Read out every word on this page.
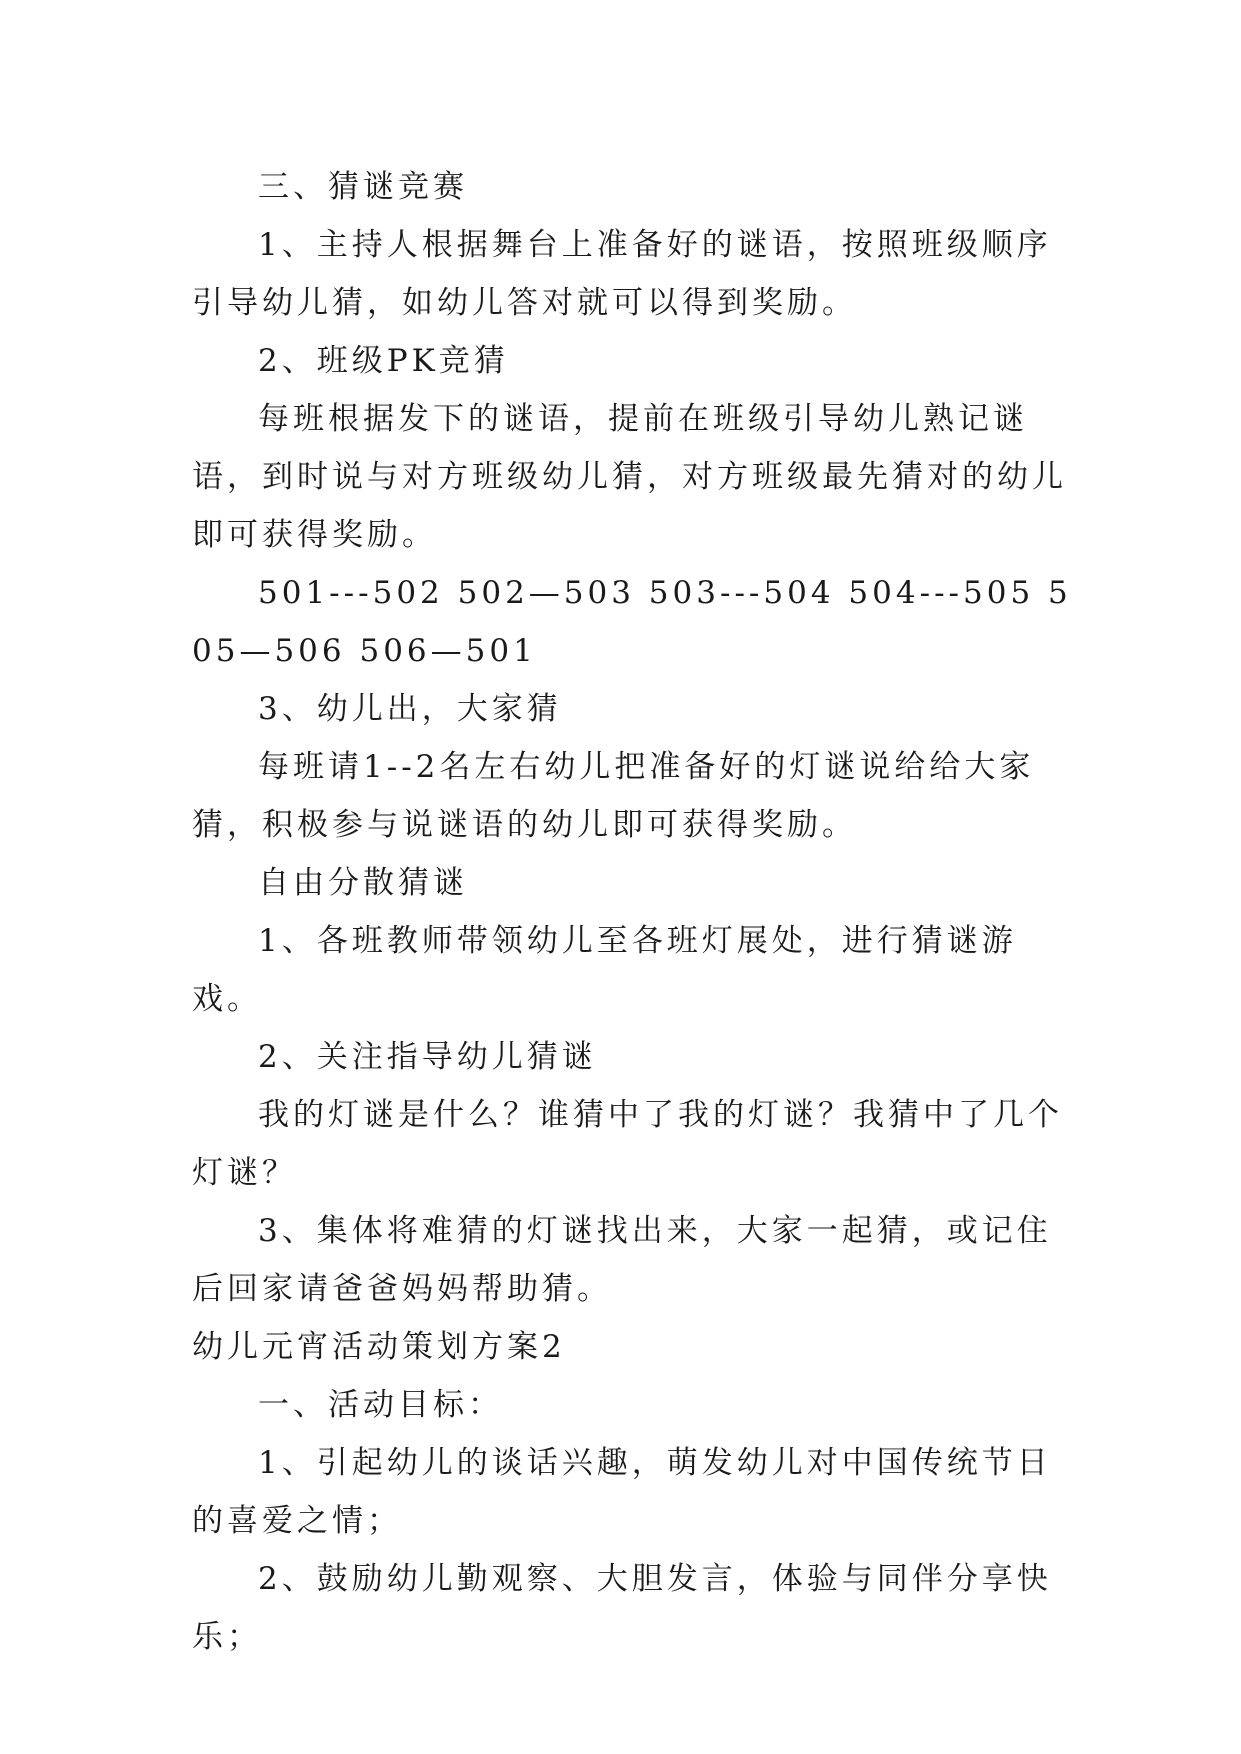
三、猜谜竞赛

1、主持人根据舞台上准备好的谜语，按照班级顺序引导幼儿猜，如幼儿答对就可以得到奖励。

2、班级PK竞猜

每班根据发下的谜语，提前在班级引导幼儿熟记谜语，到时说与对方班级幼儿猜，对方班级最先猜对的幼儿即可获得奖励。

501---502 502—503 503---504 504---505 505—506 506—501

3、幼儿出，大家猜

每班请1--2名左右幼儿把准备好的灯谜说给给大家猜，积极参与说谜语的幼儿即可获得奖励。

自由分散猜谜

1、各班教师带领幼儿至各班灯展处，进行猜谜游戏。

2、关注指导幼儿猜谜

我的灯谜是什么？谁猜中了我的灯谜？我猜中了几个灯谜？

3、集体将难猜的灯谜找出来，大家一起猜，或记住后回家请爸爸妈妈帮助猜。

幼儿元宵活动策划方案2

一、活动目标：

1、引起幼儿的谈话兴趣，萌发幼儿对中国传统节日的喜爱之情；

2、鼓励幼儿勤观察、大胆发言，体验与同伴分享快乐；
